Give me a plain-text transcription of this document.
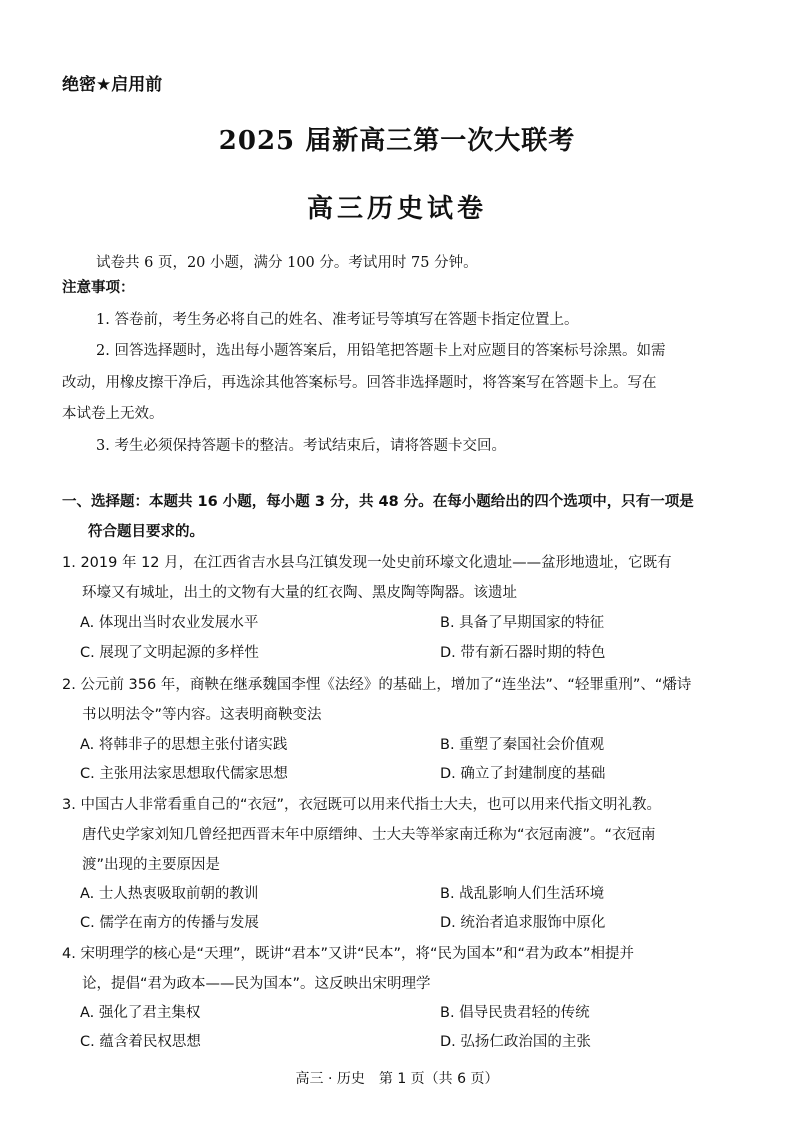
绝密★启用前
2025 届新高三第一次大联考
高三历史试卷
试卷共 6 页，20 小题，满分 100 分。考试用时 75 分钟。
注意事项：
1. 答卷前，考生务必将自己的姓名、准考证号等填写在答题卡指定位置上。
2. 回答选择题时，选出每小题答案后，用铅笔把答题卡上对应题目的答案标号涂黑。如需
改动，用橡皮擦干净后，再选涂其他答案标号。回答非选择题时，将答案写在答题卡上。写在
本试卷上无效。
3. 考生必须保持答题卡的整洁。考试结束后，请将答题卡交回。
一、选择题：本题共 16 小题，每小题 3 分，共 48 分。在每小题给出的四个选项中，只有一项是
符合题目要求的。
1. 2019 年 12 月，在江西省吉水县乌江镇发现一处史前环壕文化遗址——盆形地遗址，它既有
环壕又有城址，出土的文物有大量的红衣陶、黑皮陶等陶器。该遗址
A. 体现出当时农业发展水平	B. 具备了早期国家的特征
C. 展现了文明起源的多样性	D. 带有新石器时期的特色
2. 公元前 356 年，商鞅在继承魏国李悝《法经》的基础上，增加了“连坐法”、“轻罪重刑”、“燔诗
书以明法令”等内容。这表明商鞅变法
A. 将韩非子的思想主张付诸实践	B. 重塑了秦国社会价值观
C. 主张用法家思想取代儒家思想	D. 确立了封建制度的基础
3. 中国古人非常看重自己的“衣冠”，衣冠既可以用来代指士大夫，也可以用来代指文明礼教。
唐代史学家刘知几曾经把西晋末年中原缙绅、士大夫等举家南迁称为“衣冠南渡”。“衣冠南
渡”出现的主要原因是
A. 士人热衷吸取前朝的教训	B. 战乱影响人们生活环境
C. 儒学在南方的传播与发展	D. 统治者追求服饰中原化
4. 宋明理学的核心是“天理”，既讲“君本”又讲“民本”，将“民为国本”和“君为政本”相提并
论，提倡“君为政本——民为国本”。这反映出宋明理学
A. 强化了君主集权	B. 倡导民贵君轻的传统
C. 蕴含着民权思想	D. 弘扬仁政治国的主张
高三 · 历史　第 1 页（共 6 页）
